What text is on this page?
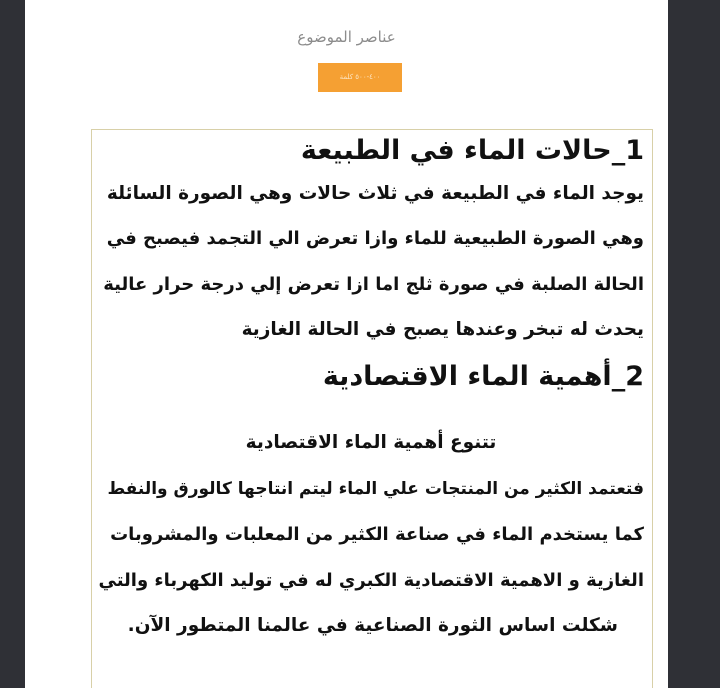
عناصر الموضوع
٤٠٠-٥٠٠ كلمة
1_حالات الماء في الطبيعة
يوجد الماء في الطبيعة في ثلاث حالات وهي الصورة السائلة
وهي الصورة الطبيعية للماء وازا تعرض الي التجمد فيصبح في
الحالة الصلبة في صورة ثلج اما ازا تعرض إلي درجة حرار عالية
يحدث له تبخر وعندها يصبح في الحالة الغازية
2_أهمية الماء الاقتصادية
تتنوع أهمية الماء الاقتصادية
فتعتمد الكثير من المنتجات علي الماء ليتم انتاجها كالورق والنفط
كما يستخدم الماء في صناعة الكثير من المعلبات والمشروبات
الغازية و الاهمية الاقتصادية الكبري له في توليد الكهرباء والتي
شكلت اساس الثورة الصناعية في عالمنا المتطور الآن.
